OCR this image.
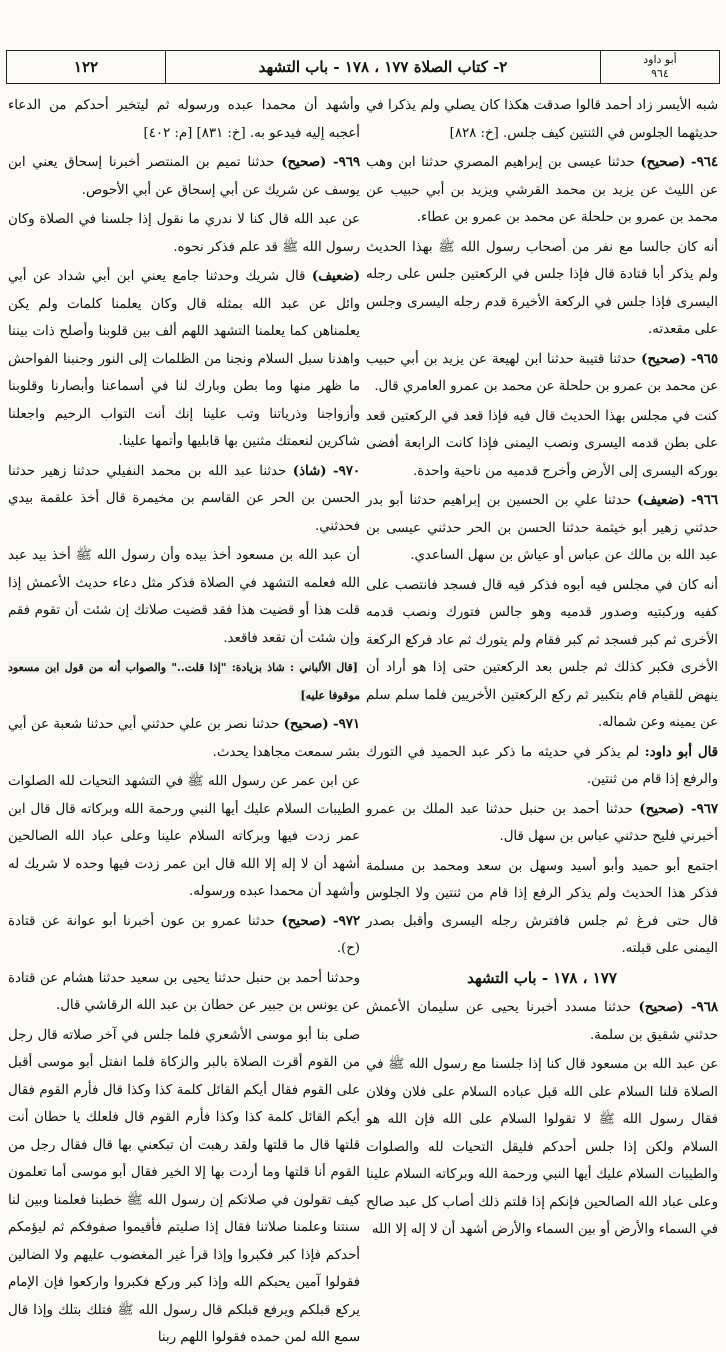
أبو داود
٩٦٤
٢- كتاب الصلاة ١٧٧ ، ١٧٨ - باب التشهد
١٢٢

شبه الأيسر زاد أحمد قالوا صدقت هكذا كان يصلي ولم يذكرا في حديثهما الجلوس في الثنتين كيف جلس. [خ: ٨٢٨]

٩٦٤- (صحيح) حدثنا عيسى بن إبراهيم المصري حدثنا ابن وهب عن الليث عن يزيد بن محمد القرشي ويزيد بن أبي حبيب عن محمد بن عمرو بن حلحلة عن محمد بن عمرو بن عطاء.

أنه كان جالسا مع نفر من أصحاب رسول الله ﷺ بهذا الحديث ولم يذكر أبا قتادة قال فإذا جلس في الركعتين جلس على رجله اليسرى فإذا جلس في الركعة الأخيرة قدم رجله اليسرى وجلس على مقعدته.

٩٦٥- (صحيح) حدثنا قتيبة حدثنا ابن لهيعة عن يزيد بن أبي حبيب عن محمد بن عمرو بن حلحلة عن محمد بن عمرو العامري قال.

كنت في مجلس بهذا الحديث قال فيه فإذا قعد في الركعتين قعد على بطن قدمه اليسرى ونصب اليمنى فإذا كانت الرابعة أفضى بوركه اليسرى إلى الأرض وأخرج قدميه من ناحية واحدة.

٩٦٦- (ضعيف) حدثنا علي بن الحسين بن إبراهيم حدثنا أبو بدر حدثني زهير أبو خيثمة حدثنا الحسن بن الحر حدثني عيسى بن عبد الله بن مالك عن عباس أو عياش بن سهل الساعدي.

أنه كان في مجلس فيه أبوه فذكر فيه قال فسجد فانتصب على كفيه وركبتيه وصدور قدميه وهو جالس فتورك ونصب قدمه الأخرى ثم كبر فسجد ثم كبر فقام ولم يتورك ثم عاد فركع الركعة الأخرى فكبر كذلك ثم جلس بعد الركعتين حتى إذا هو أراد أن ينهض للقيام قام بتكبير ثم ركع الركعتين الأخريين فلما سلم سلم عن يمينه وعن شماله.

قال أبو داود: لم يذكر في حديثه ما ذكر عبد الحميد في التورك والرفع إذا قام من ثنتين.

٩٦٧- (صحيح) حدثنا أحمد بن حنبل حدثنا عبد الملك بن عمرو أخبرني فليح حدثني عباس بن سهل قال.

اجتمع أبو حميد وأبو أسيد وسهل بن سعد ومحمد بن مسلمة فذكر هذا الحديث ولم يذكر الرفع إذا قام من ثنتين ولا الجلوس قال حتى فرغ ثم جلس فافترش رجله اليسرى وأقبل بصدر اليمنى على قبلته.

١٧٧ ، ١٧٨ - باب التشهد

٩٦٨- (صحيح) حدثنا مسدد أخبرنا يحيى عن سليمان الأعمش حدثني شقيق بن سلمة.

عن عبد الله بن مسعود قال كنا إذا جلسنا مع رسول الله ﷺ في الصلاة قلنا السلام على الله قبل عباده السلام على فلان وفلان فقال رسول الله ﷺ لا تقولوا السلام على الله فإن الله هو السلام ولكن إذا جلس أحدكم فليقل التحيات لله والصلوات والطيبات السلام عليك أيها النبي ورحمة الله وبركاته السلام علينا وعلى عباد الله الصالحين فإنكم إذا قلتم ذلك أصاب كل عبد صالح في السماء والأرض أو بين السماء والأرض أشهد أن لا إله إلا الله

وأشهد أن محمدا عبده ورسوله ثم ليتخير أحدكم من الدعاء أعجبه إليه فيدعو به. [خ: ٨٣١] [م: ٤٠٢]

٩٦٩- (صحيح) حدثنا تميم بن المنتصر أخبرنا إسحاق يعني ابن يوسف عن شريك عن أبي إسحاق عن أبي الأحوص.

عن عبد الله قال كنا لا ندري ما نقول إذا جلسنا في الصلاة وكان رسول الله ﷺ قد علم فذكر نحوه.

(ضعيف) قال شريك وحدثنا جامع يعني ابن أبي شداد عن أبي وائل عن عبد الله بمثله قال وكان يعلمنا كلمات ولم يكن يعلمناهن كما يعلمنا التشهد اللهم ألف بين قلوبنا وأصلح ذات بيننا واهدنا سبل السلام ونجنا من الظلمات إلى النور وجنبنا الفواحش ما ظهر منها وما بطن وبارك لنا في أسماعنا وأبصارنا وقلوبنا وأزواجنا وذرياتنا وتب علينا إنك أنت التواب الرحيم واجعلنا شاكرين لنعمتك مثنين بها قابليها وأتمها علينا.

٩٧٠- (شاذ) حدثنا عبد الله بن محمد النفيلي حدثنا زهير حدثنا الحسن بن الحر عن القاسم بن مخيمرة قال أخذ علقمة بيدي فحدثني.

أن عبد الله بن مسعود أخذ بيده وأن رسول الله ﷺ أخذ بيد عبد الله فعلمه التشهد في الصلاة فذكر مثل دعاء حديث الأعمش إذا قلت هذا أو قضيت هذا فقد قضيت صلاتك إن شئت أن تقوم فقم وإن شئت أن تقعد فاقعد.

[قال الألباني : شاذ بزيادة: "إذا قلت.." والصواب أنه من قول ابن مسعود موقوفا عليه]

٩٧١- (صحيح) حدثنا نصر بن علي حدثني أبي حدثنا شعبة عن أبي بشر سمعت مجاهدا يحدث.

عن ابن عمر عن رسول الله ﷺ في التشهد التحيات لله الصلوات الطيبات السلام عليك أيها النبي ورحمة الله وبركاته قال قال ابن عمر زدت فيها وبركاته السلام علينا وعلى عباد الله الصالحين أشهد أن لا إله إلا الله قال ابن عمر زدت فيها وحده لا شريك له وأشهد أن محمدا عبده ورسوله.

٩٧٢- (صحيح) حدثنا عمرو بن عون أخبرنا أبو عوانة عن قتادة (ح).

وحدثنا أحمد بن حنبل حدثنا يحيى بن سعيد حدثنا هشام عن قتادة عن يونس بن جبير عن حطان بن عبد الله الرقاشي قال.

صلى بنا أبو موسى الأشعري فلما جلس في آخر صلاته قال رجل من القوم أقرت الصلاة بالبر والزكاة فلما انفتل أبو موسى أقبل على القوم فقال أيكم القائل كلمة كذا وكذا قال فأرم القوم فقال أيكم القائل كلمة كذا وكذا فأرم القوم قال فلعلك يا حطان أنت قلتها قال ما قلتها ولقد رهبت أن تبكعني بها قال فقال رجل من القوم أنا قلتها وما أردت بها إلا الخير فقال أبو موسى أما تعلمون كيف تقولون في صلاتكم إن رسول الله ﷺ خطبنا فعلمنا وبين لنا سنتنا وعلمنا صلاتنا فقال إذا صليتم فأقيموا صفوفكم ثم ليؤمكم أحدكم فإذا كبر فكبروا وإذا قرأ غير المغضوب عليهم ولا الضالين فقولوا آمين يحبكم الله وإذا كبر وركع فكبروا واركعوا فإن الإمام يركع قبلكم ويرفع قبلكم قال رسول الله ﷺ فتلك بتلك وإذا قال سمع الله لمن حمده فقولوا اللهم ربنا
